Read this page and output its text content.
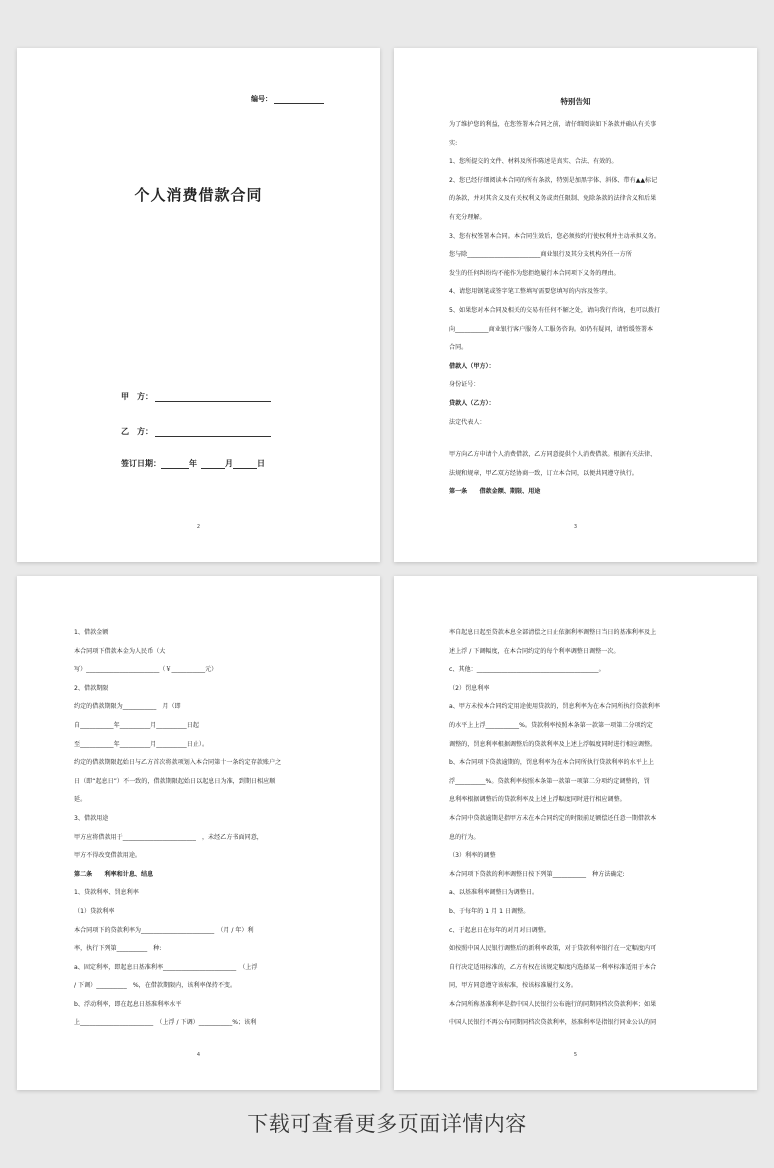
编号：
个人消费借款合同
甲　方：
乙　方：
签订日期：	年	月	日
2
特别告知
为了维护您的利益，在您签署本合同之前，请仔细阅读如下条款并确认有关事
实:
1、您所提交的文件、材料及所作陈述是真实、合法、有效的。
2、您已经仔细阅读本合同的所有条款，特别是加黑字体、斜体、带有▲▲标记
的条款，并对其含义及有关权利义务或责任限制、免除条款的法律含义和后果
有充分理解。
3、您有权签署本合同。本合同生效后，您必须按约行使权利并主动承担义务。
您与除________________________商业银行及其分支机构外任一方所
发生的任何纠纷均不能作为您拒绝履行本合同项下义务的理由。
4、请您用钢笔或签字笔工整填写需要您填写的内容及签字。
5、如果您对本合同及相关的交易有任何不解之处，请向我行咨询，也可以拨打
向___________商业银行客户服务人工服务咨询。如仍有疑问，请暂缓签署本
合同。
借款人（甲方）：
身份证号：
贷款人（乙方）：
法定代表人：
甲方向乙方申请个人消费借款，乙方同意提供个人消费借款。根据有关法律、
法规和规章，甲乙双方经协商一致，订立本合同，以便共同遵守执行。
第一条　　借款金额、期限、用途
3
1、借款金额
本合同项下借款本金为人民币（大
写）________________________（￥___________元）
2、借款期限
约定的借款期限为___________　月（即
自___________年__________月__________日起
至___________年__________月__________日止）。
约定的借款期限起始日与乙方首次将款项划入本合同第十一条约定存款账户之
日（即“起息日”）不一致的，借款期限起始日以起息日为准，到期日相应顺
延。
3、借款用途
甲方应将借款用于________________________　，未经乙方书面同意，
甲方不得改变借款用途。
第二条　　利率和计息、结息
1、贷款利率、罚息利率
（1）贷款利率
本合同项下的贷款利率为________________________　（月 / 年）利
率，执行下列第__________　种:
a、固定利率，即起息日基准利率________________________　（上浮
/ 下调）__________　%，在借款期限内，该利率保持不变。
b、浮动利率，即在起息日基准利率水平
上________________________　（上浮 / 下调）___________%；该利
4
率自起息日起至贷款本息全部清偿之日止依据利率调整日当日的基准利率及上
述上浮 / 下调幅度，在本合同约定的每个利率调整日调整一次。
c、其他：________________________________________。
（2）罚息利率
a、甲方未按本合同约定用途使用贷款的，罚息利率为在本合同所执行贷款利率
的水平上上浮___________%。贷款利率按照本条第一款第一项第二分项约定
调整的，罚息利率根据调整后的贷款利率及上述上浮幅度同时进行相应调整。
b、本合同项下贷款逾期的，罚息利率为在本合同所执行贷款利率的水平上上
浮__________%。贷款利率按照本条第一款第一项第二分项约定调整的，罚
息利率根据调整后的贷款利率及上述上浮幅度同时进行相应调整。
本合同中贷款逾期是指甲方未在本合同约定的时限前足额偿还任意一期借款本
息的行为。
（3）利率的调整
本合同项下贷款的利率调整日按下列第___________　种方法确定:
a、以基准利率调整日为调整日。
b、于每年的 1 月 1 日调整。
c、于起息日在每年的对月对日调整。
如按照中国人民银行调整后的新利率政策，对于贷款利率银行在一定幅度内可
自行决定适用标准的，乙方有权在该规定幅度内选择某一利率标准适用于本合
同，甲方同意遵守该标准，按该标准履行义务。
本合同所称基准利率是指中国人民银行公布施行的同期同档次贷款利率；如果
中国人民银行不再公布同期同档次贷款利率，基准利率是指银行同业公认的同
5
下载可查看更多页面详情内容
